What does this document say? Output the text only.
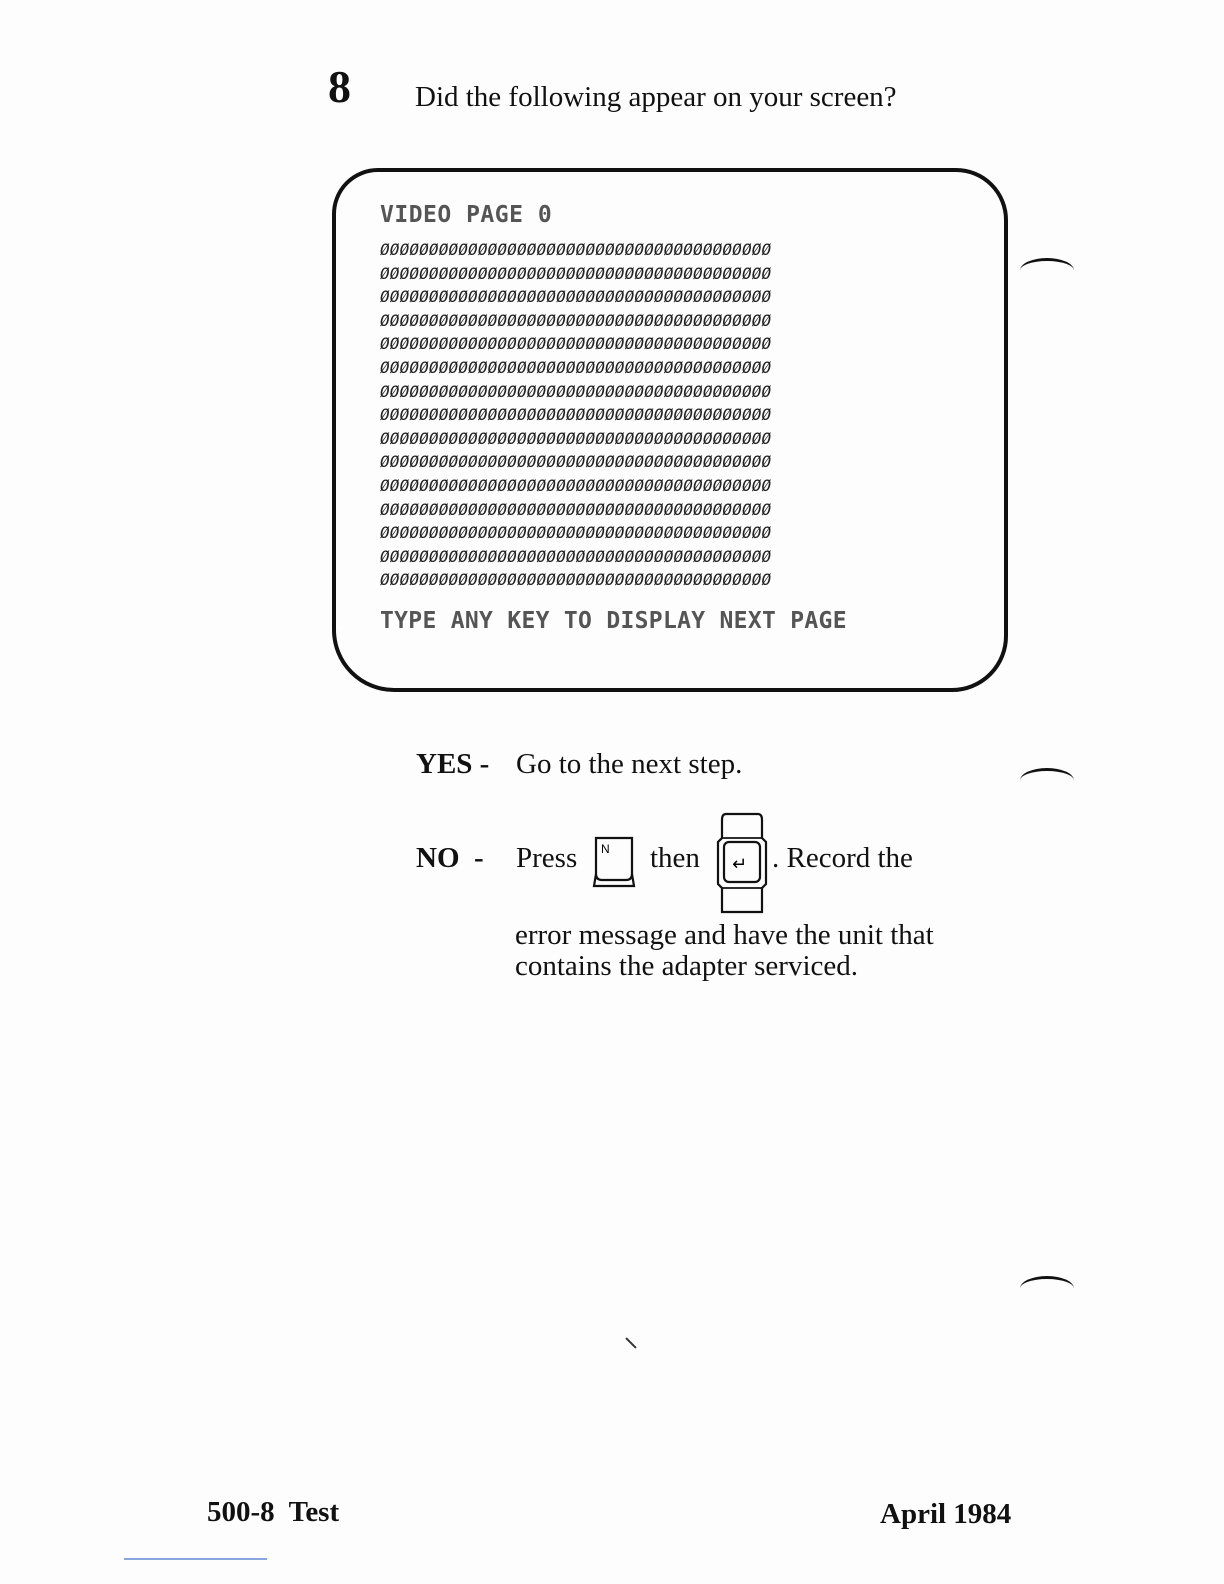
8 Did the following appear on your screen?
VIDEO PAGE 0
ØØØØØØØØØØØØØØØØØØØØØØØØØØØØØØØØØØØØØØØØ
ØØØØØØØØØØØØØØØØØØØØØØØØØØØØØØØØØØØØØØØØ
ØØØØØØØØØØØØØØØØØØØØØØØØØØØØØØØØØØØØØØØØ
ØØØØØØØØØØØØØØØØØØØØØØØØØØØØØØØØØØØØØØØØ
ØØØØØØØØØØØØØØØØØØØØØØØØØØØØØØØØØØØØØØØØ
ØØØØØØØØØØØØØØØØØØØØØØØØØØØØØØØØØØØØØØØØ
ØØØØØØØØØØØØØØØØØØØØØØØØØØØØØØØØØØØØØØØØ
ØØØØØØØØØØØØØØØØØØØØØØØØØØØØØØØØØØØØØØØØ
ØØØØØØØØØØØØØØØØØØØØØØØØØØØØØØØØØØØØØØØØ
ØØØØØØØØØØØØØØØØØØØØØØØØØØØØØØØØØØØØØØØØ
ØØØØØØØØØØØØØØØØØØØØØØØØØØØØØØØØØØØØØØØØ
ØØØØØØØØØØØØØØØØØØØØØØØØØØØØØØØØØØØØØØØØ
ØØØØØØØØØØØØØØØØØØØØØØØØØØØØØØØØØØØØØØØØ
ØØØØØØØØØØØØØØØØØØØØØØØØØØØØØØØØØØØØØØØØ
ØØØØØØØØØØØØØØØØØØØØØØØØØØØØØØØØØØØØØØØØ
TYPE ANY KEY TO DISPLAY NEXT PAGE
YES - Go to the next step.
NO  - Press N then ↵ . Record the
error message and have the unit that
contains the adapter serviced.
500-8  Test	April 1984
